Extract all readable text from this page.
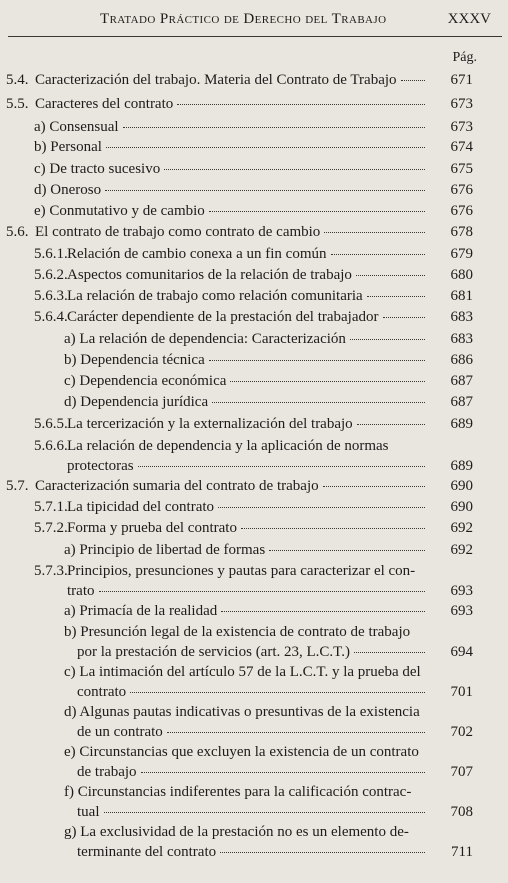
Tratado Práctico de Derecho del Trabajo	XXXV
Pág.
5.4. Caracterización del trabajo. Materia del Contrato de Trabajo	671
5.5. Caracteres del contrato	673
a) Consensual	673
b) Personal	674
c) De tracto sucesivo	675
d) Oneroso	676
e) Conmutativo y de cambio	676
5.6. El contrato de trabajo como contrato de cambio	678
5.6.1. Relación de cambio conexa a un fin común	679
5.6.2. Aspectos comunitarios de la relación de trabajo	680
5.6.3. La relación de trabajo como relación comunitaria	681
5.6.4. Carácter dependiente de la prestación del trabajador	683
a) La relación de dependencia: Caracterización	683
b) Dependencia técnica	686
c) Dependencia económica	687
d) Dependencia jurídica	687
5.6.5. La tercerización y la externalización del trabajo	689
5.6.6. La relación de dependencia y la aplicación de normas
protectoras	689
5.7. Caracterización sumaria del contrato de trabajo	690
5.7.1. La tipicidad del contrato	690
5.7.2. Forma y prueba del contrato	692
a) Principio de libertad de formas	692
5.7.3. Principios, presunciones y pautas para caracterizar el con-
trato	693
a) Primacía de la realidad	693
b) Presunción legal de la existencia de contrato de trabajo
por la prestación de servicios (art. 23, L.C.T.)	694
c) La intimación del artículo 57 de la L.C.T. y la prueba del
contrato	701
d) Algunas pautas indicativas o presuntivas de la existencia
de un contrato	702
e) Circunstancias que excluyen la existencia de un contrato
de trabajo	707
f) Circunstancias indiferentes para la calificación contrac-
tual	708
g) La exclusividad de la prestación no es un elemento de-
terminante del contrato	711
